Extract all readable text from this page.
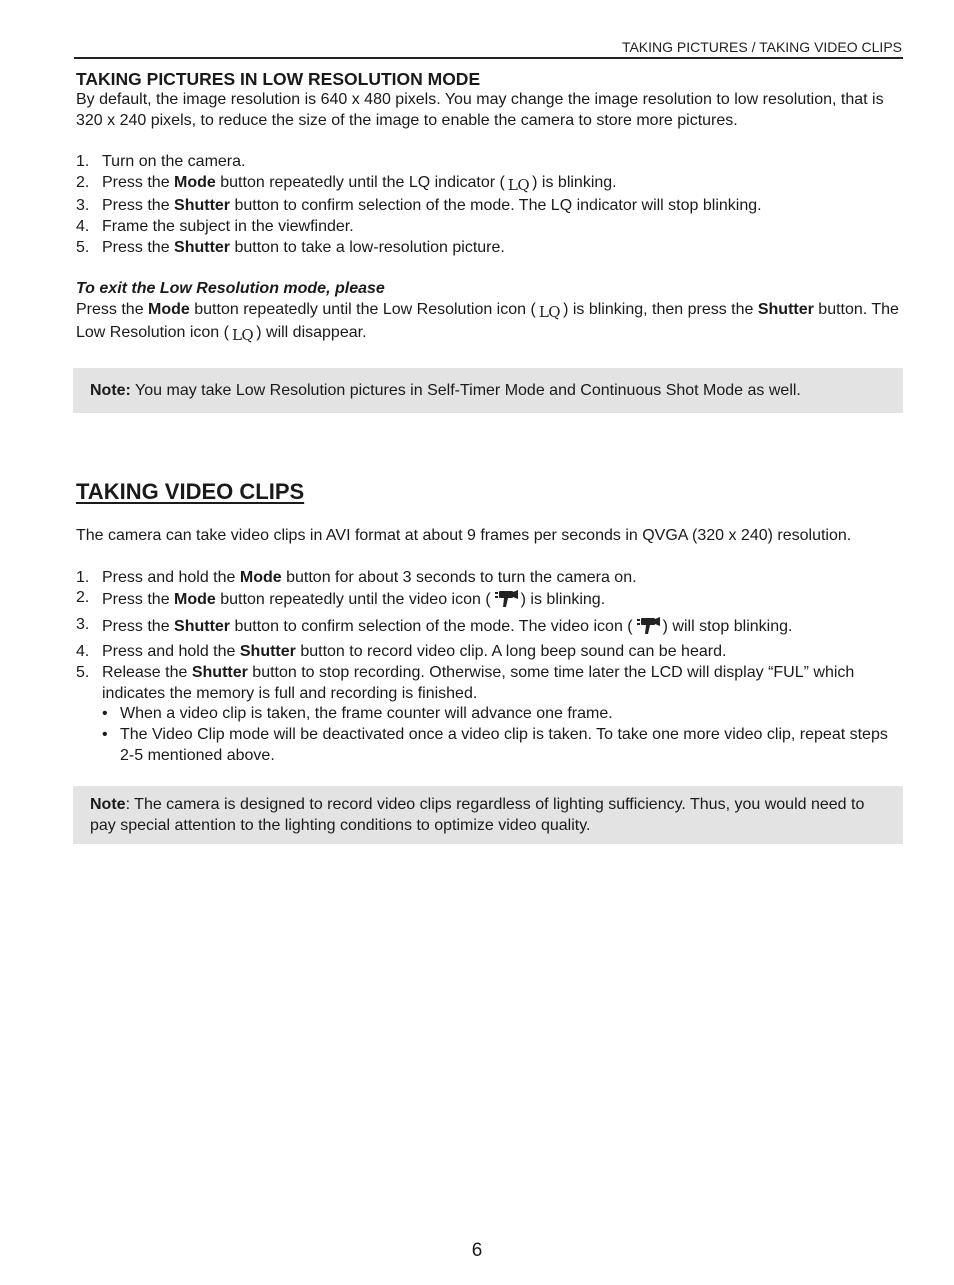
TAKING PICTURES / TAKING VIDEO CLIPS
TAKING PICTURES IN LOW RESOLUTION MODE

By default, the image resolution is 640 x 480 pixels. You may change the image resolution to low resolution, that is 320 x 240 pixels, to reduce the size of the image to enable the camera to store more pictures.

1. Turn on the camera.
2. Press the Mode button repeatedly until the LQ indicator ( LQ ) is blinking.
3. Press the Shutter button to confirm selection of the mode. The LQ indicator will stop blinking.
4. Frame the subject in the viewfinder.
5. Press the Shutter button to take a low-resolution picture.

To exit the Low Resolution mode, please

Press the Mode button repeatedly until the Low Resolution icon ( LQ ) is blinking, then press the Shutter button. The Low Resolution icon ( LQ ) will disappear.

Note: You may take Low Resolution pictures in Self-Timer Mode and Continuous Shot Mode as well.
TAKING VIDEO CLIPS

The camera can take video clips in AVI format at about 9 frames per seconds in QVGA (320 x 240) resolution.

1. Press and hold the Mode button for about 3 seconds to turn the camera on.
2. Press the Mode button repeatedly until the video icon ( ) is blinking.
3. Press the Shutter button to confirm selection of the mode. The video icon ( ) will stop blinking.
4. Press and hold the Shutter button to record video clip. A long beep sound can be heard.
5. Release the Shutter button to stop recording. Otherwise, some time later the LCD will display “FUL” which indicates the memory is full and recording is finished.
• When a video clip is taken, the frame counter will advance one frame.
• The Video Clip mode will be deactivated once a video clip is taken. To take one more video clip, repeat steps 2-5 mentioned above.
Note: The camera is designed to record video clips regardless of lighting sufficiency. Thus, you would need to pay special attention to the lighting conditions to optimize video quality.
6
